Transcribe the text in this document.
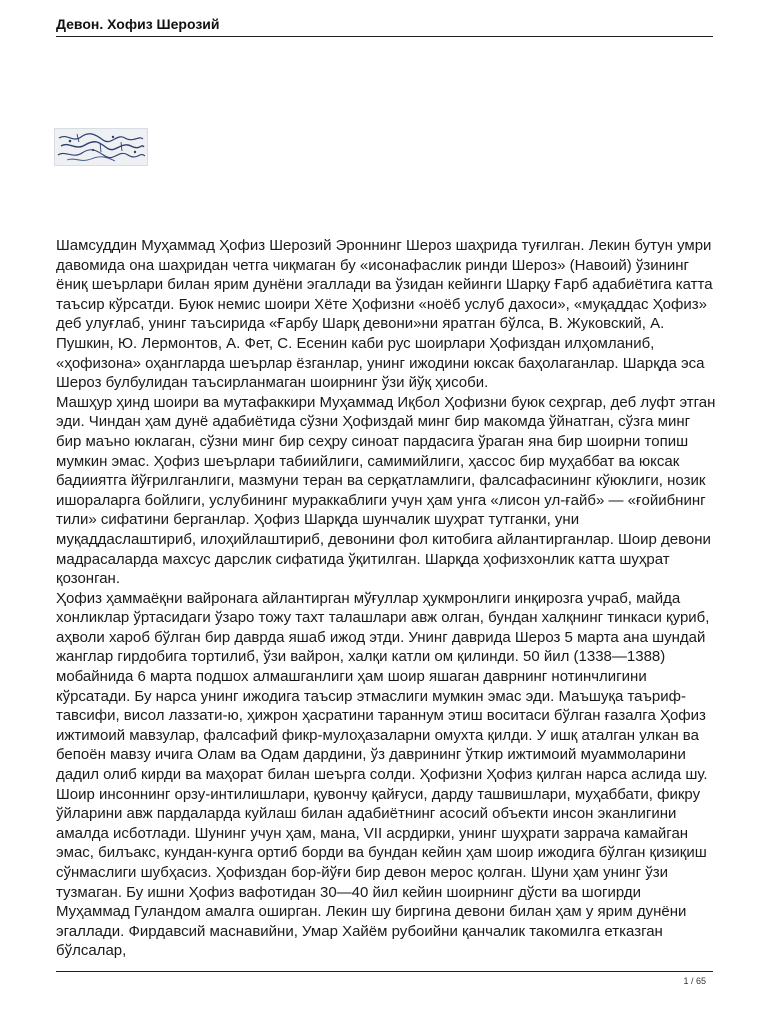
Девон. Хофиз Шерозий

Шамсуддин Муҳаммад Ҳофиз Шерозий Эроннинг Шероз шаҳрида туғилган. Лекин бутун умри давомида она шаҳридан четга чиқмаган бу «исонафаслик ринди Шероз» (Навоий) ўзининг ёниқ шеърлари билан ярим дунёни эгаллади ва ўзидан кейинги Шарқу Ғарб адабиётига катта таъсир кўрсатди. Буюк немис шоири Хёте Ҳофизни «ноёб услуб дахоси», «муқаддас Ҳофиз» деб улуғлаб, унинг таъсирида «Ғарбу Шарқ девони»ни яратган бўлса, В. Жуковский, А. Пушкин, Ю. Лермонтов, А. Фет, С. Есенин каби рус шоирлари Ҳофиздан илҳомланиб, «ҳофизона» оҳангларда шеърлар ёзганлар, унинг ижодини юксак баҳолаганлар. Шарқда эса Шероз булбулидан таъсирланмаган шоирнинг ўзи йўқ ҳисоби.

Машҳур ҳинд шоири ва мутафаккири Муҳаммад Иқбол Ҳофизни буюк сеҳргар, деб луфт этган эди. Чиндан ҳам дунё адабиётида сўзни Ҳофиздай минг бир макомда ўйнатган, сўзга минг бир маъно юклаган, сўзни минг бир сеҳру синоат пардасига ўраган яна бир шоирни топиш мумкин эмас. Ҳофиз шеърлари табиийлиги, самимийлиги, ҳассос бир муҳаббат ва юксак бадииятга йўғрилганлиги, мазмуни теран ва серқатламлиги, фалсафасининг кўюклиги, нозик ишораларга бойлиги, услубининг мураккаблиги учун ҳам унга «лисон ул-ғайб» — «ғойибнинг тили» сифатини берганлар. Ҳофиз Шарқда шунчалик шуҳрат тутганки, уни муқаддаслаштириб, илоҳийлаштириб, девонини фол китобига айлантирганлар. Шоир девони мадрасаларда махсус дарслик сифатида ўқитилган. Шарқда ҳофизхонлик катта шуҳрат қозонган.

Ҳофиз ҳаммаёқни вайронага айлантирган мўғуллар ҳукмронлиги инқирозга учраб, майда хонликлар ўртасидаги ўзаро тожу тахт талашлари авж олган, бундан халқнинг тинкаси қуриб, аҳволи хароб бўлган бир даврда яшаб ижод этди. Унинг даврида Шероз 5 марта ана шундай жанглар гирдобига тортилиб, ўзи вайрон, халқи катли ом қилинди. 50 йил (1338—1388) мобайнида 6 марта подшох алмашганлиги ҳам шоир яшаган даврнинг нотинчлигини кўрсатади. Бу нарса унинг ижодига таъсир этмаслиги мумкин эмас эди. Маъшуқа таъриф-тавсифи, висол лаззати-ю, ҳижрон ҳасратини тараннум этиш воситаси бўлган ғазалга Ҳофиз ижтимоий мавзулар, фалсафий фикр-мулоҳазаларни омухта қилди. У ишқ аталган улкан ва бепоён мавзу ичига Олам ва Одам дардини, ўз даврининг ўткир ижтимоий муаммоларини дадил олиб кирди ва маҳорат билан шеърга солди. Ҳофизни Ҳофиз қилган нарса аслида шу. Шоир инсоннинг орзу-интилишлари, қувончу қайғуси, дарду ташвишлари, муҳаббати, фикру ўйларини авж пардаларда куйлаш билан адабиётнинг асосий объекти инсон эканлигини амалда исботлади. Шунинг учун ҳам, мана, VII асрдирки, унинг шуҳрати заррача камайган эмас, билъакс, кундан-кунга ортиб борди ва бундан кейин ҳам шоир ижодига бўлган қизиқиш сўнмаслиги шубҳасиз. Ҳофиздан бор-йўғи бир девон мерос қолган. Шуни ҳам унинг ўзи тузмаган. Бу ишни Ҳофиз вафотидан 30—40 йил кейин шоирнинг дўсти ва шогирди Муҳаммад Гуландом амалга оширган. Лекин шу биргина девони билан ҳам у ярим дунёни эгаллади. Фирдавсий маснавийни, Умар Хайём рубоийни қанчалик такомилга етказган бўлсалар,

1 / 65
